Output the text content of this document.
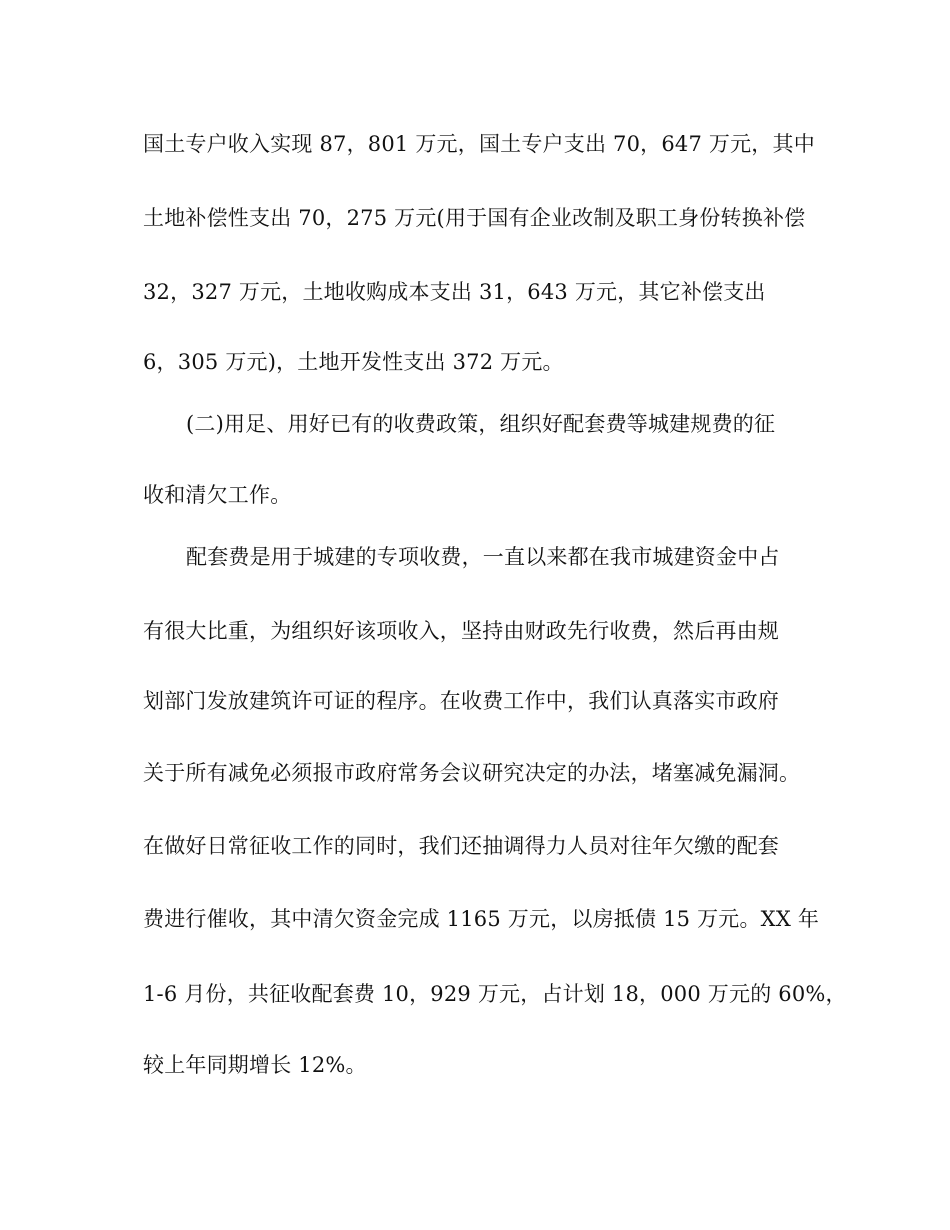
国土专户收入实现 87，801 万元，国土专户支出 70，647 万元，其中
土地补偿性支出 70，275 万元(用于国有企业改制及职工身份转换补偿
32，327 万元，土地收购成本支出 31，643 万元，其它补偿支出
6，305 万元)，土地开发性支出 372 万元。
(二)用足、用好已有的收费政策，组织好配套费等城建规费的征
收和清欠工作。
配套费是用于城建的专项收费，一直以来都在我市城建资金中占
有很大比重，为组织好该项收入，坚持由财政先行收费，然后再由规
划部门发放建筑许可证的程序。在收费工作中，我们认真落实市政府
关于所有减免必须报市政府常务会议研究决定的办法，堵塞减免漏洞。
在做好日常征收工作的同时，我们还抽调得力人员对往年欠缴的配套
费进行催收，其中清欠资金完成 1165 万元，以房抵债 15 万元。XX 年
1-6 月份，共征收配套费 10，929 万元，占计划 18，000 万元的 60%，
较上年同期增长 12%。
